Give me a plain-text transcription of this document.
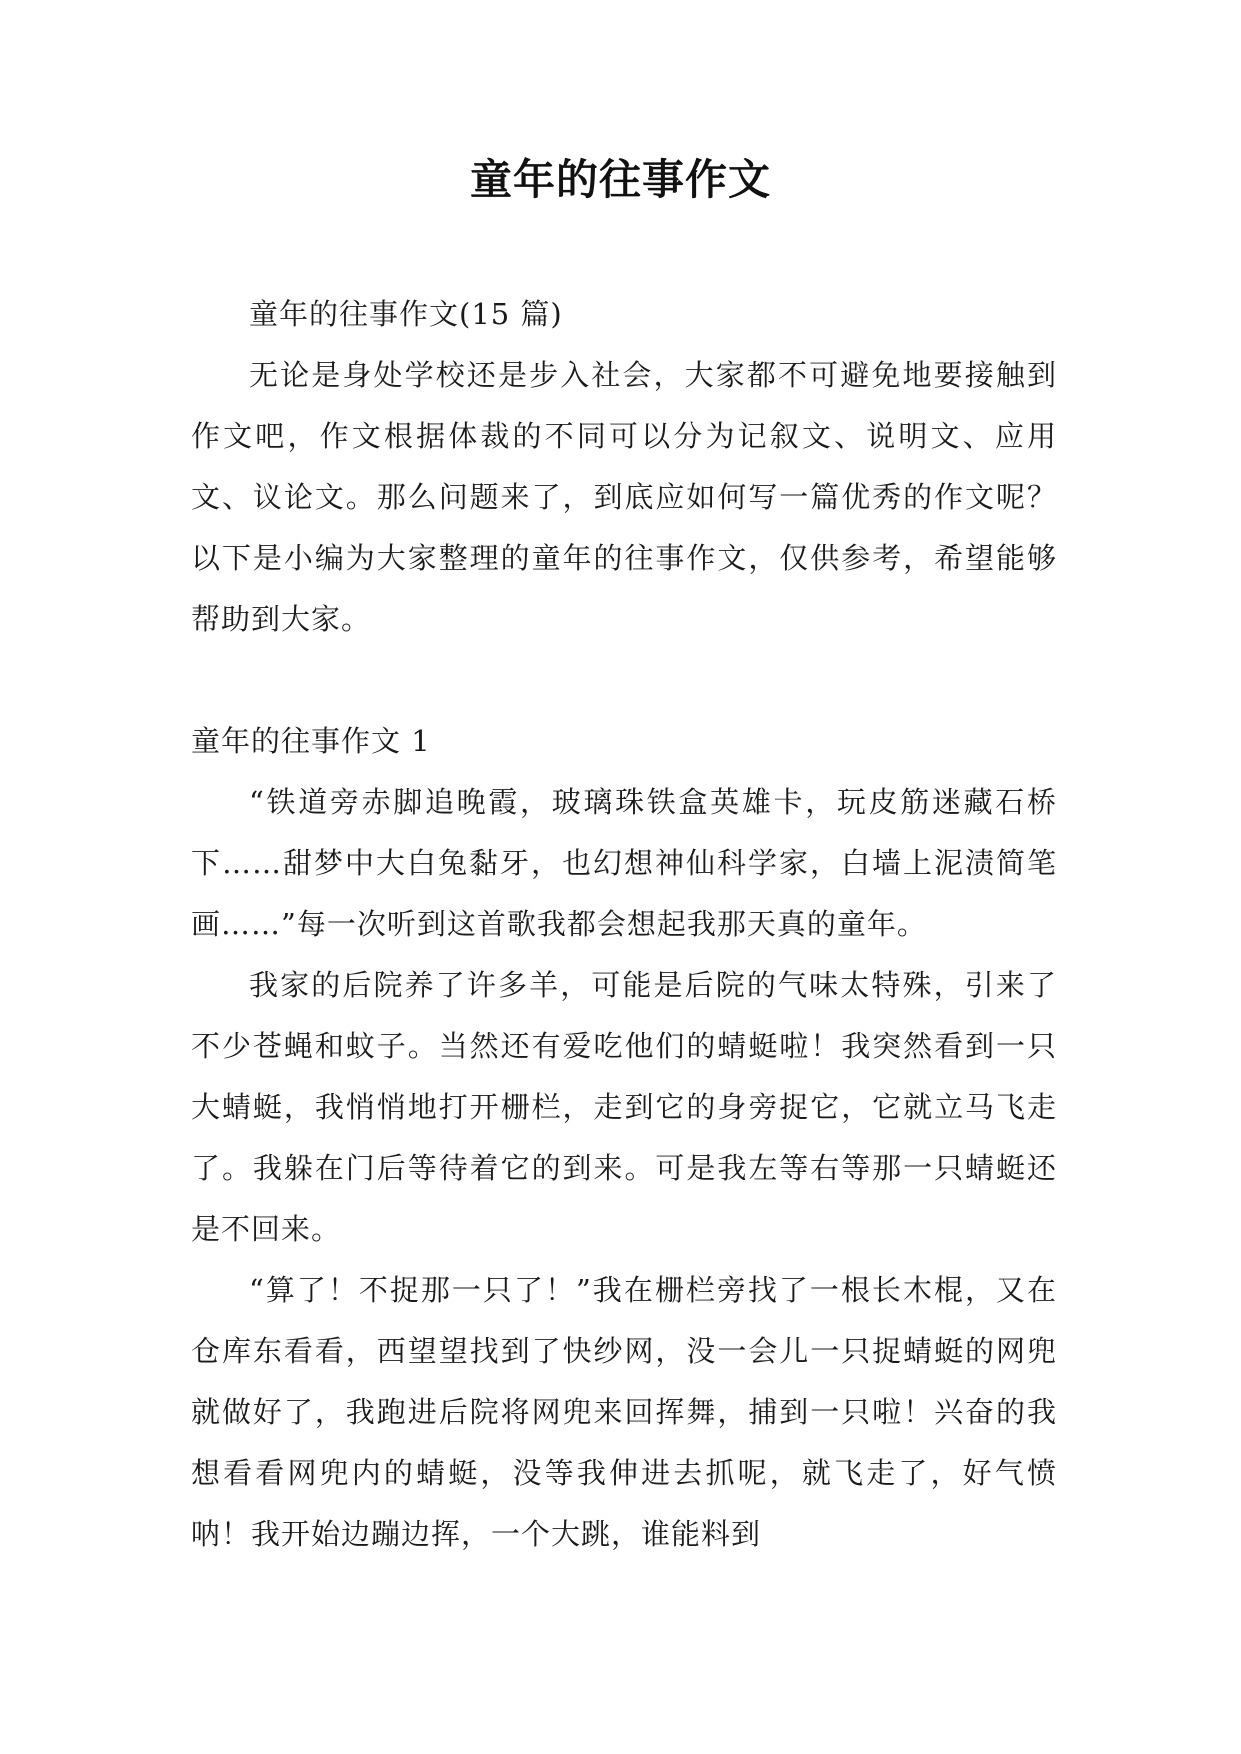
童年的往事作文

童年的往事作文(15 篇)

无论是身处学校还是步入社会，大家都不可避免地要接触到作文吧，作文根据体裁的不同可以分为记叙文、说明文、应用文、议论文。那么问题来了，到底应如何写一篇优秀的作文呢？以下是小编为大家整理的童年的往事作文，仅供参考，希望能够帮助到大家。

童年的往事作文 1

“铁道旁赤脚追晚霞，玻璃珠铁盒英雄卡，玩皮筋迷藏石桥下……甜梦中大白兔黏牙，也幻想神仙科学家，白墙上泥渍简笔画……”每一次听到这首歌我都会想起我那天真的童年。

我家的后院养了许多羊，可能是后院的气味太特殊，引来了不少苍蝇和蚊子。当然还有爱吃他们的蜻蜓啦！我突然看到一只大蜻蜓，我悄悄地打开栅栏，走到它的身旁捉它，它就立马飞走了。我躲在门后等待着它的到来。可是我左等右等那一只蜻蜓还是不回来。

“算了！不捉那一只了！”我在栅栏旁找了一根长木棍，又在仓库东看看，西望望找到了快纱网，没一会儿一只捉蜻蜓的网兜就做好了，我跑进后院将网兜来回挥舞，捕到一只啦！兴奋的我想看看网兜内的蜻蜓，没等我伸进去抓呢，就飞走了，好气愤呐！我开始边蹦边挥，一个大跳，谁能料到
